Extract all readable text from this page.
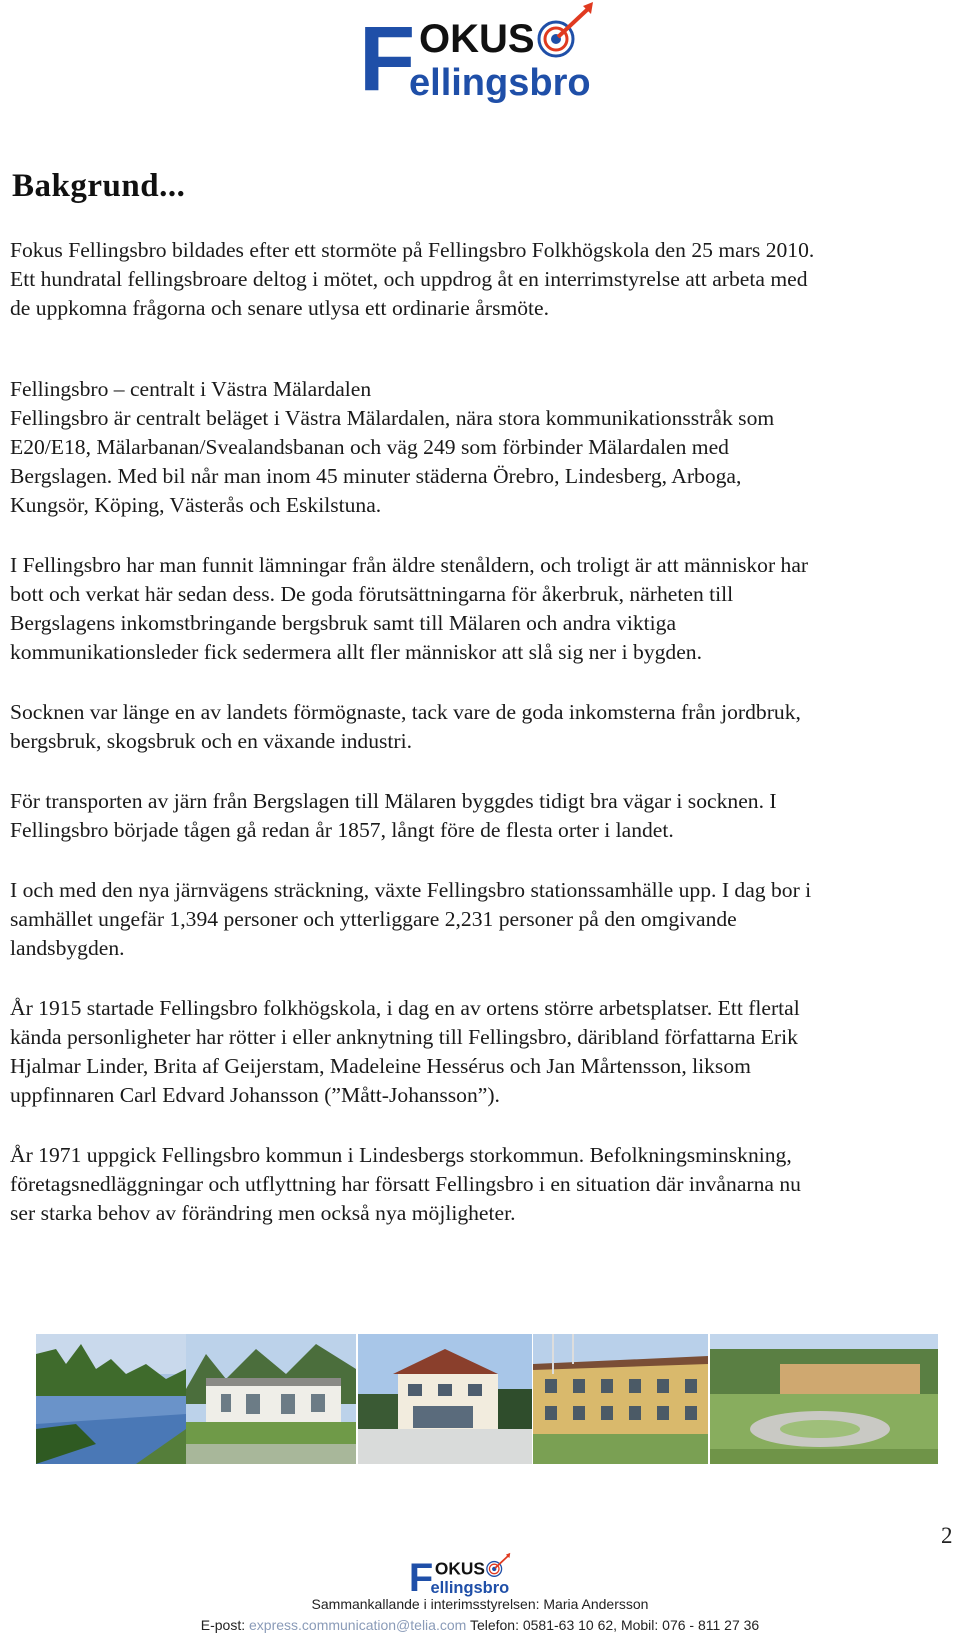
F OKUS
ellingsbro
Bakgrund...

Fokus Fellingsbro bildades efter ett stormöte på Fellingsbro Folkhögskola den 25 mars 2010.
Ett hundratal fellingsbroare deltog i mötet, och uppdrog åt en interrimstyrelse att arbeta med
de uppkomna frågorna och senare utlysa ett ordinarie årsmöte.

Fellingsbro – centralt i Västra Mälardalen
Fellingsbro är centralt beläget i Västra Mälardalen, nära stora kommunikationsstråk som
E20/E18, Mälarbanan/Svealandsbanan och väg 249 som förbinder Mälardalen med
Bergslagen. Med bil når man inom 45 minuter städerna Örebro, Lindesberg, Arboga,
Kungsör, Köping, Västerås och Eskilstuna.

I Fellingsbro har man funnit lämningar från äldre stenåldern, och troligt är att människor har
bott och verkat här sedan dess. De goda förutsättningarna för åkerbruk, närheten till
Bergslagens inkomstbringande bergsbruk samt till Mälaren och andra viktiga
kommunikationsleder fick sedermera allt fler människor att slå sig ner i bygden.

Socknen var länge en av landets förmögnaste, tack vare de goda inkomsterna från jordbruk,
bergsbruk, skogsbruk och en växande industri.

För transporten av järn från Bergslagen till Mälaren byggdes tidigt bra vägar i socknen. I
Fellingsbro började tågen gå redan år 1857, långt före de flesta orter i landet.

I och med den nya järnvägens sträckning, växte Fellingsbro stationssamhälle upp. I dag bor i
samhället ungefär 1,394 personer och ytterliggare 2,231 personer på den omgivande
landsbygden.

År 1915 startade Fellingsbro folkhögskola, i dag en av ortens större arbetsplatser. Ett flertal
kända personligheter har rötter i eller anknytning till Fellingsbro, däribland författarna Erik
Hjalmar Linder, Brita af Geijerstam, Madeleine Hessérus och Jan Mårtensson, liksom
uppfinnaren Carl Edvard Johansson (”Mått-Johansson”).

År 1971 uppgick Fellingsbro kommun i Lindesbergs storkommun. Befolkningsminskning,
företagsnedläggningar och utflyttning har försatt Fellingsbro i en situation där invånarna nu
ser starka behov av förändring men också nya möjligheter.

2
F OKUS
ellingsbro
Sammankallande i interimsstyrelsen: Maria Andersson
E-post: express.communication@telia.com Telefon: 0581-63 10 62, Mobil: 076 - 811 27 36
